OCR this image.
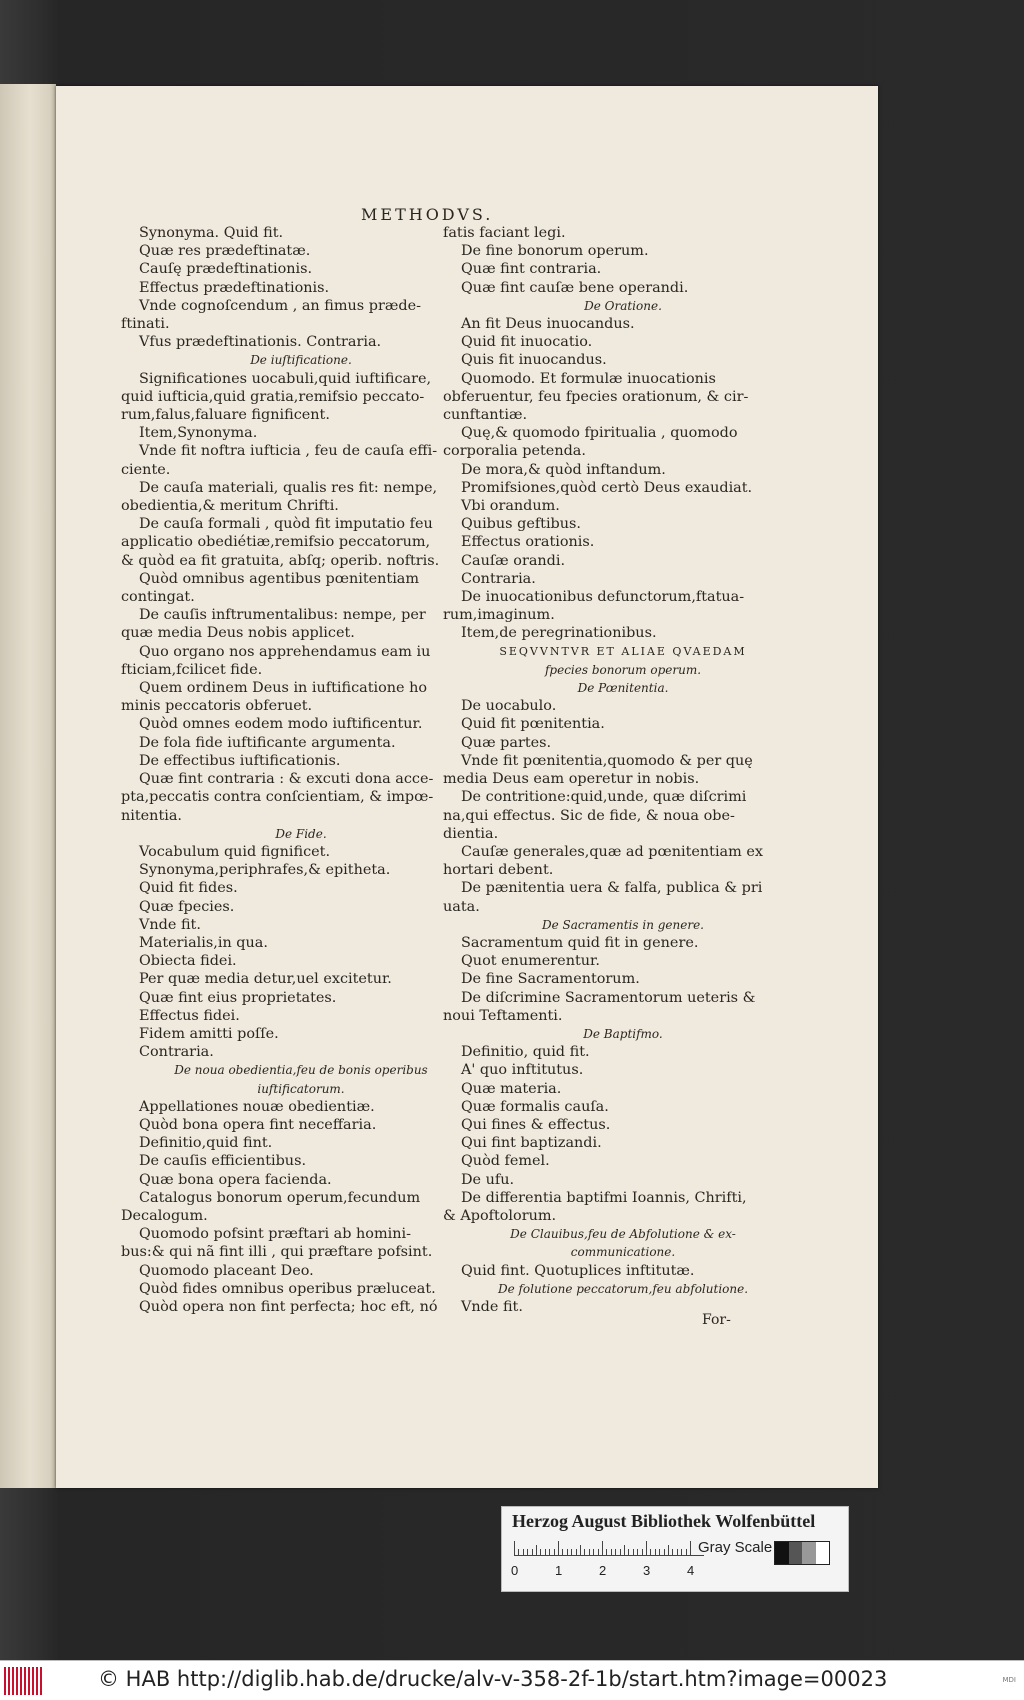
METHODVS.
Synonyma. Quid fit.
Quæ res prædeftinatæ.
Cauſę prædeftinationis.
Effectus prædeftinationis.
Vnde cognoſcendum , an fimus præde-
ftinati.
Vfus prædeftinationis. Contraria.
De iuſtificatione.
Significationes uocabuli,quid iuftificare,
quid iufticia,quid gratia,remifsio peccato-
rum,falus,faluare fignificent.
Item,Synonyma.
Vnde fit noftra iufticia , feu de cauſa effi-
ciente.
De cauſa materiali, qualis res fit: nempe,
obedientia,& meritum Chrifti.
De cauſa formali , quòd fit imputatio feu
applicatio obediétiæ,remifsio peccatorum,
& quòd ea fit gratuita, abſq; operib. noftris.
Quòd omnibus agentibus pœnitentiam
contingat.
De cauſis inftrumentalibus: nempe, per
quæ media Deus nobis applicet.
Quo organo nos apprehendamus eam iu
fticiam,fcilicet fide.
Quem ordinem Deus in iuftificatione ho
minis peccatoris obferuet.
Quòd omnes eodem modo iuftificentur.
De fola fide iuftificante argumenta.
De effectibus iuftificationis.
Quæ fint contraria : & excuti dona acce-
pta,peccatis contra conſcientiam, & impœ-
nitentia.
De Fide.
Vocabulum quid fignificet.
Synonyma,periphrafes,& epitheta.
Quid fit fides.
Quæ fpecies.
Vnde fit.
Materialis,in qua.
Obiecta fidei.
Per quæ media detur,uel excitetur.
Quæ fint eius proprietates.
Effectus fidei.
Fidem amitti poſſe.
Contraria.
De noua obedientia,feu de bonis operibus
iuftificatorum.
Appellationes nouæ obedientiæ.
Quòd bona opera fint neceffaria.
Definitio,quid fint.
De cauſis efficientibus.
Quæ bona opera facienda.
Catalogus bonorum operum,fecundum
Decalogum.
Quomodo pofsint præftari ab homini-
bus:& qui nã fint illi , qui præftare pofsint.
Quomodo placeant Deo.
Quòd fides omnibus operibus præluceat.
Quòd opera non fint perfecta; hoc eft, nó
fatis faciant legi.
De fine bonorum operum.
Quæ fint contraria.
Quæ fint cauſæ bene operandi.
De Oratione.
An fit Deus inuocandus.
Quid fit inuocatio.
Quis fit inuocandus.
Quomodo. Et formulæ inuocationis
obferuentur, feu fpecies orationum, & cir-
cunftantiæ.
Quę,& quomodo fpiritualia , quomodo
corporalia petenda.
De mora,& quòd inftandum.
Promifsiones,quòd certò Deus exaudiat.
Vbi orandum.
Quibus geftibus.
Effectus orationis.
Cauſæ orandi.
Contraria.
De inuocationibus defunctorum,ftatua-
rum,imaginum.
Item,de peregrinationibus.
SEQVVNTVR ET ALIAE QVAEDAM
fpecies bonorum operum.
De Pœnitentia.
De uocabulo.
Quid fit pœnitentia.
Quæ partes.
Vnde fit pœnitentia,quomodo & per quę
media Deus eam operetur in nobis.
De contritione:quid,unde, quæ diſcrimi
na,qui effectus. Sic de fide, & noua obe-
dientia.
Cauſæ generales,quæ ad pœnitentiam ex
hortari debent.
De pænitentia uera & falfa, publica & pri
uata.
De Sacramentis in genere.
Sacramentum quid fit in genere.
Quot enumerentur.
De fine Sacramentorum.
De diſcrimine Sacramentorum ueteris &
noui Teftamenti.
De Baptifmo.
Definitio, quid fit.
A' quo inftitutus.
Quæ materia.
Quæ formalis cauſa.
Qui fines & effectus.
Qui fint baptizandi.
Quòd femel.
De ufu.
De differentia baptifmi Ioannis, Chrifti,
& Apoftolorum.
De Clauibus,feu de Abfolutione & ex-
communicatione.
Quid fint. Quotuplices inftitutæ.
De folutione peccatorum,feu abfolutione.
Vnde fit.
For-
Herzog August Bibliothek Wolfenbüttel
0	1	2	3	4
Gray Scale
© HAB http://diglib.hab.de/drucke/alv-v-358-2f-1b/start.htm?image=00023	MDI
